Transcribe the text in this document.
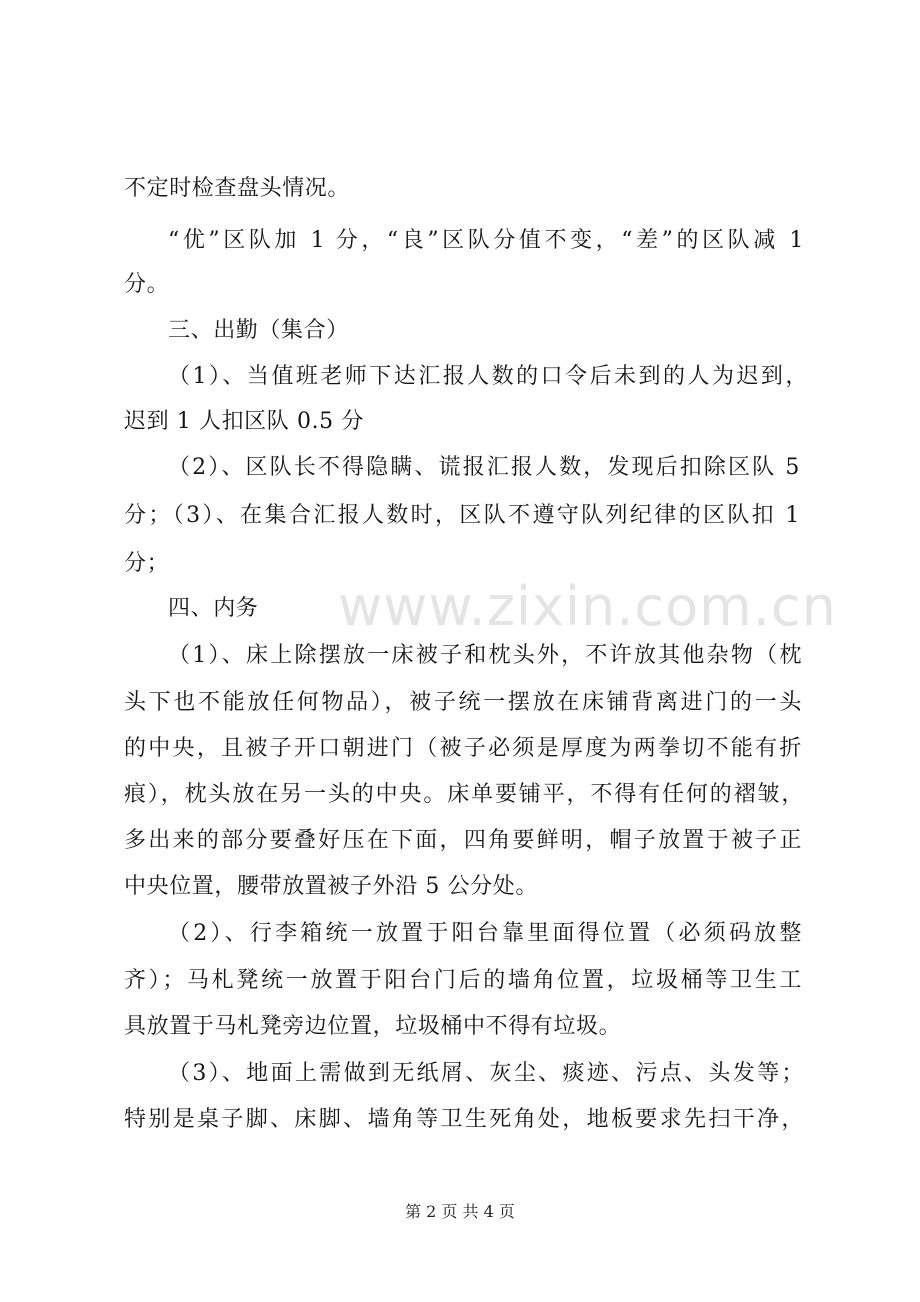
www.zixin.com.cn
不定时检查盘头情况。
“优”区队加 1 分，“良”区队分值不变，“差”的区队减 1
分。
三、出勤（集合）
（1）、当值班老师下达汇报人数的口令后未到的人为迟到，
迟到 1 人扣区队 0.5 分
（2）、区队长不得隐瞒、谎报汇报人数，发现后扣除区队 5
分；（3）、在集合汇报人数时，区队不遵守队列纪律的区队扣 1
分；
四、内务
（1）、床上除摆放一床被子和枕头外，不许放其他杂物（枕
头下也不能放任何物品），被子统一摆放在床铺背离进门的一头
的中央，且被子开口朝进门（被子必须是厚度为两拳切不能有折
痕），枕头放在另一头的中央。床单要铺平，不得有任何的褶皱，
多出来的部分要叠好压在下面，四角要鲜明，帽子放置于被子正
中央位置，腰带放置被子外沿 5 公分处。
（2）、行李箱统一放置于阳台靠里面得位置（必须码放整
齐）；马札凳统一放置于阳台门后的墙角位置，垃圾桶等卫生工
具放置于马札凳旁边位置，垃圾桶中不得有垃圾。
（3）、地面上需做到无纸屑、灰尘、痰迹、污点、头发等；
特别是桌子脚、床脚、墙角等卫生死角处，地板要求先扫干净，
第 2 页 共 4 页
